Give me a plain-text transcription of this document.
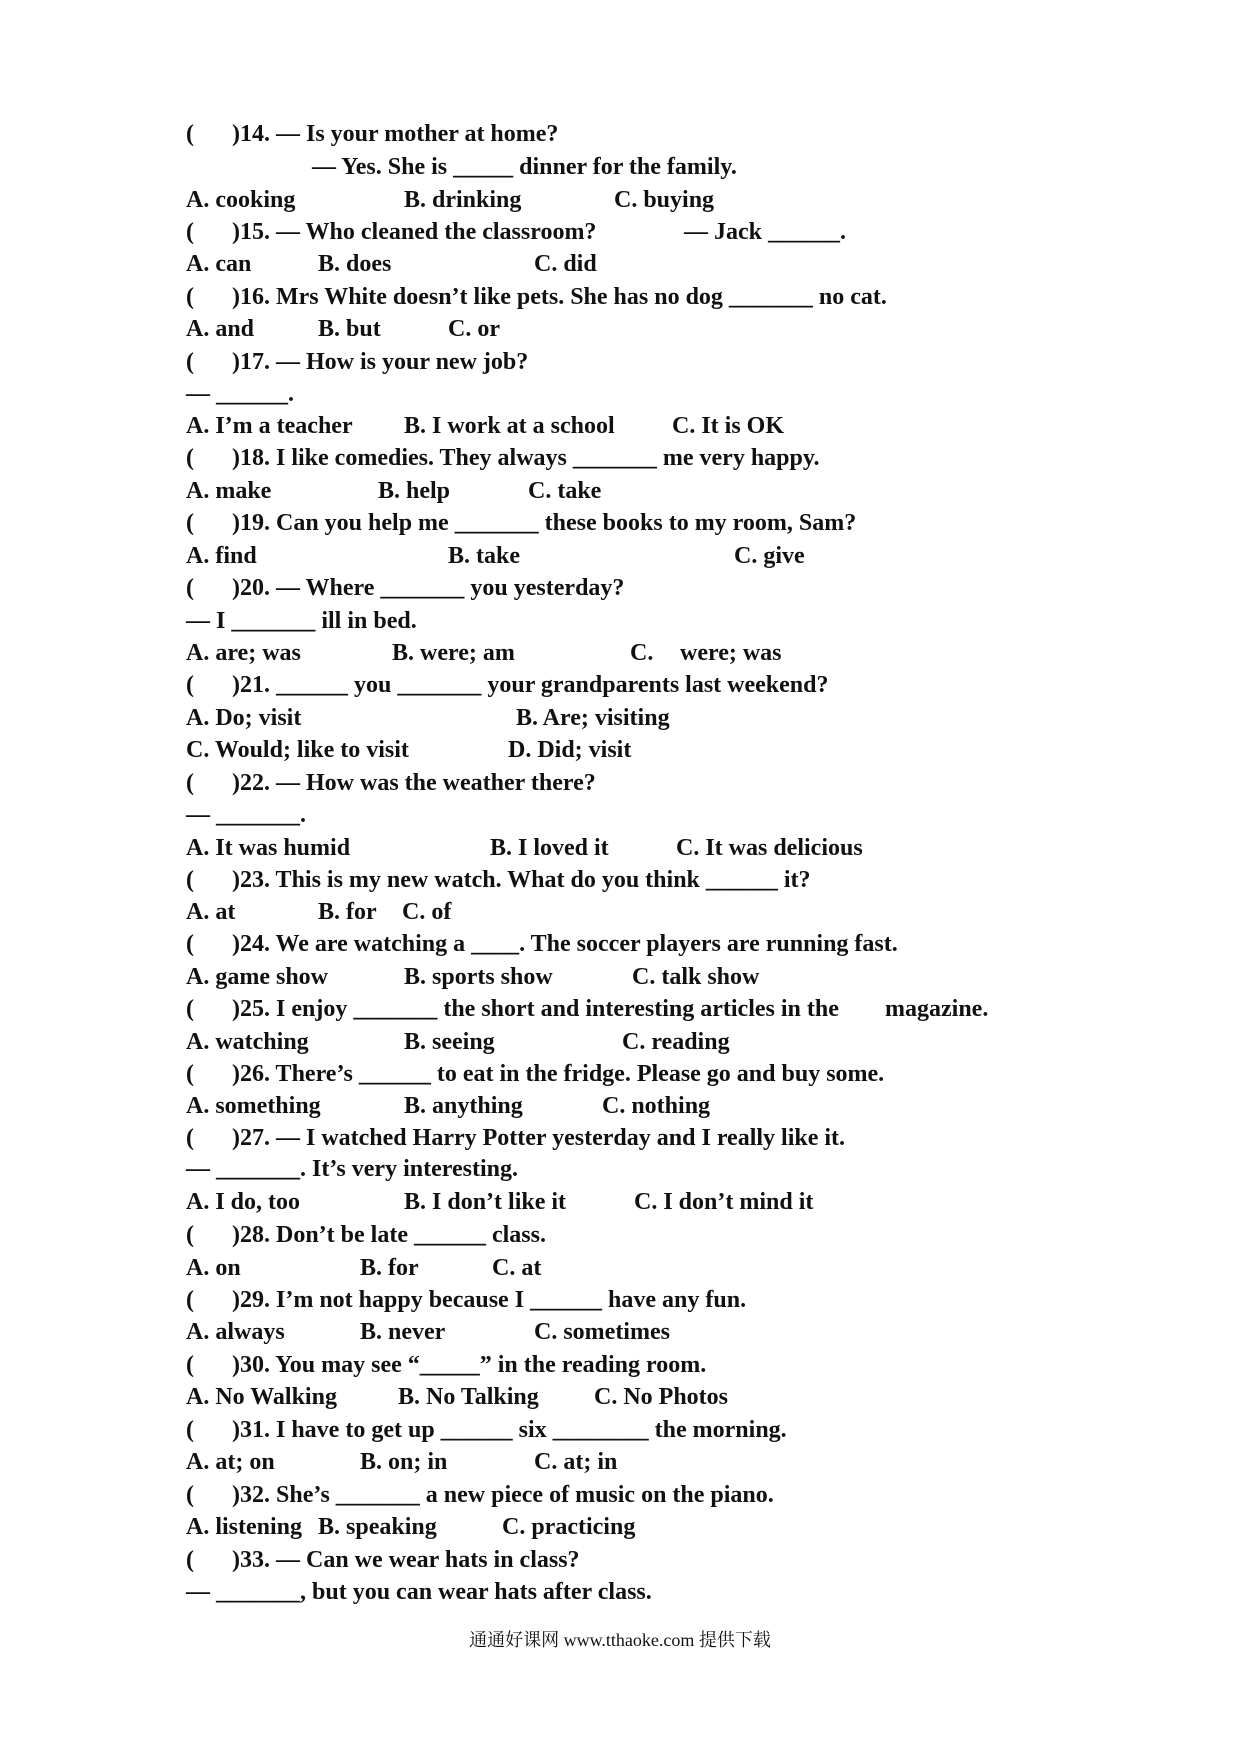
( )14. — Is your mother at home?
— Yes. She is _____ dinner for the family.
A. cooking	B. drinking	C. buying
( )15. — Who cleaned the classroom?	— Jack ______.
A. can	B. does	C. did
( )16. Mrs White doesn’t like pets. She has no dog _______ no cat.
A. and	B. but	C. or
( )17. — How is your new job?
— ______.
A. I’m a teacher B. I work at a school C. It is OK
( )18. I like comedies. They always _______ me very happy.
A. make	B. help	C. take
( )19. Can you help me _______ these books to my room, Sam?
A. find	B. take	C. give
( )20. — Where _______ you yesterday?
— I _______ ill in bed.
A. are; was	B. were; am	C. were; was
( )21. ______ you _______ your grandparents last weekend?
A. Do; visit	B. Are; visiting
C. Would; like to visit	D. Did; visit
( )22. — How was the weather there?
— _______.
A. It was humid	B. I loved it	C. It was delicious
( )23. This is my new watch. What do you think ______ it?
A. at	B. for C. of
( )24. We are watching a ____. The soccer players are running fast.
A. game show	B. sports show	C. talk show
( )25. I enjoy _______ the short and interesting articles in the magazine.
A. watching	B. seeing	C. reading
( )26. There’s ______ to eat in the fridge. Please go and buy some.
A. something	B. anything	C. nothing
( )27. — I watched Harry Potter yesterday and I really like it.
— _______. It’s very interesting.
A. I do, too	B. I don’t like it	C. I don’t mind it
( )28. Don’t be late ______ class.
A. on	B. for	C. at
( )29. I’m not happy because I ______ have any fun.
A. always	B. never	C. sometimes
( )30. You may see “_____” in the reading room.
A. No Walking	B. No Talking C. No Photos
( )31. I have to get up ______ six ________ the morning.
A. at; on	B. on; in	C. at; in
( )32. She’s _______ a new piece of music on the piano.
A. listening B. speaking	C. practicing
( )33. — Can we wear hats in class?
— _______, but you can wear hats after class.
通通好课网 www.tthaoke.com 提供下载
